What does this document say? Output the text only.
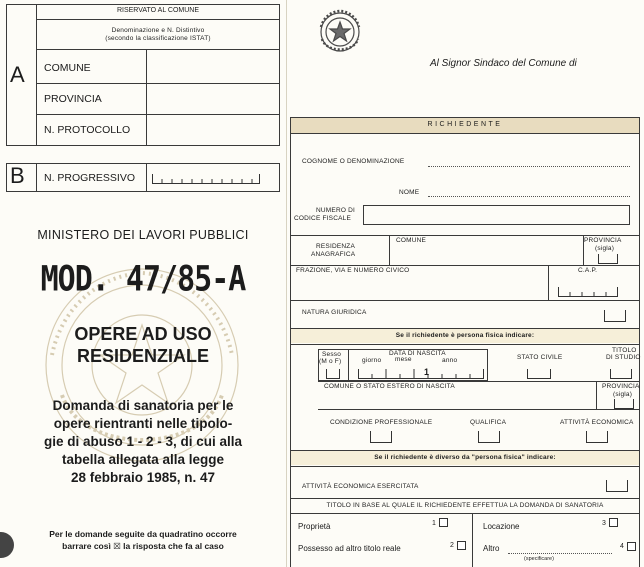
A
RISERVATO AL COMUNE
Denominazione e N. Distintivo
(secondo la classificazione ISTAT)
COMUNE
PROVINCIA
N. PROTOCOLLO
B N. PROGRESSIVO
MINISTERO DEI LAVORI PUBBLICI
MOD. 47/85-A
OPERE AD USO
RESIDENZIALE
Domanda di sanatoria per le
opere rientranti nelle tipolo-
gie di abuso 1 - 2 - 3, di cui alla
tabella allegata alla legge
28 febbraio 1985, n. 47
Per le domande seguite da quadratino occorre
barrare così ☒ la risposta che fa al caso
Al Signor Sindaco del Comune di
RICHIEDENTE
COGNOME O DENOMINAZIONE
NOME
NUMERO DI
CODICE FISCALE
RESIDENZA
ANAGRAFICA
COMUNE	PROVINCIA
(sigla)
FRAZIONE, VIA E NUMERO CIVICO	C.A.P.
NATURA GIURIDICA
Se il richiedente è persona fisica indicare:
Sesso
(M o F)
DATA DI NASCITA
giorno mese	anno
1
STATO CIVILE
TITOLO
DI STUDIO
COMUNE O STATO ESTERO DI NASCITA	PROVINCIA
(sigla)
CONDIZIONE PROFESSIONALE	QUALIFICA	ATTIVITÀ ECONOMICA
Se il richiedente è diverso da "persona fisica" indicare:
ATTIVITÀ ECONOMICA ESERCITATA
TITOLO IN BASE AL QUALE IL RICHIEDENTE EFFETTUA LA DOMANDA DI SANATORIA
Proprietà	1
Possesso ad altro titolo reale	2
Locazione	3
Altro
(specificare)
4
